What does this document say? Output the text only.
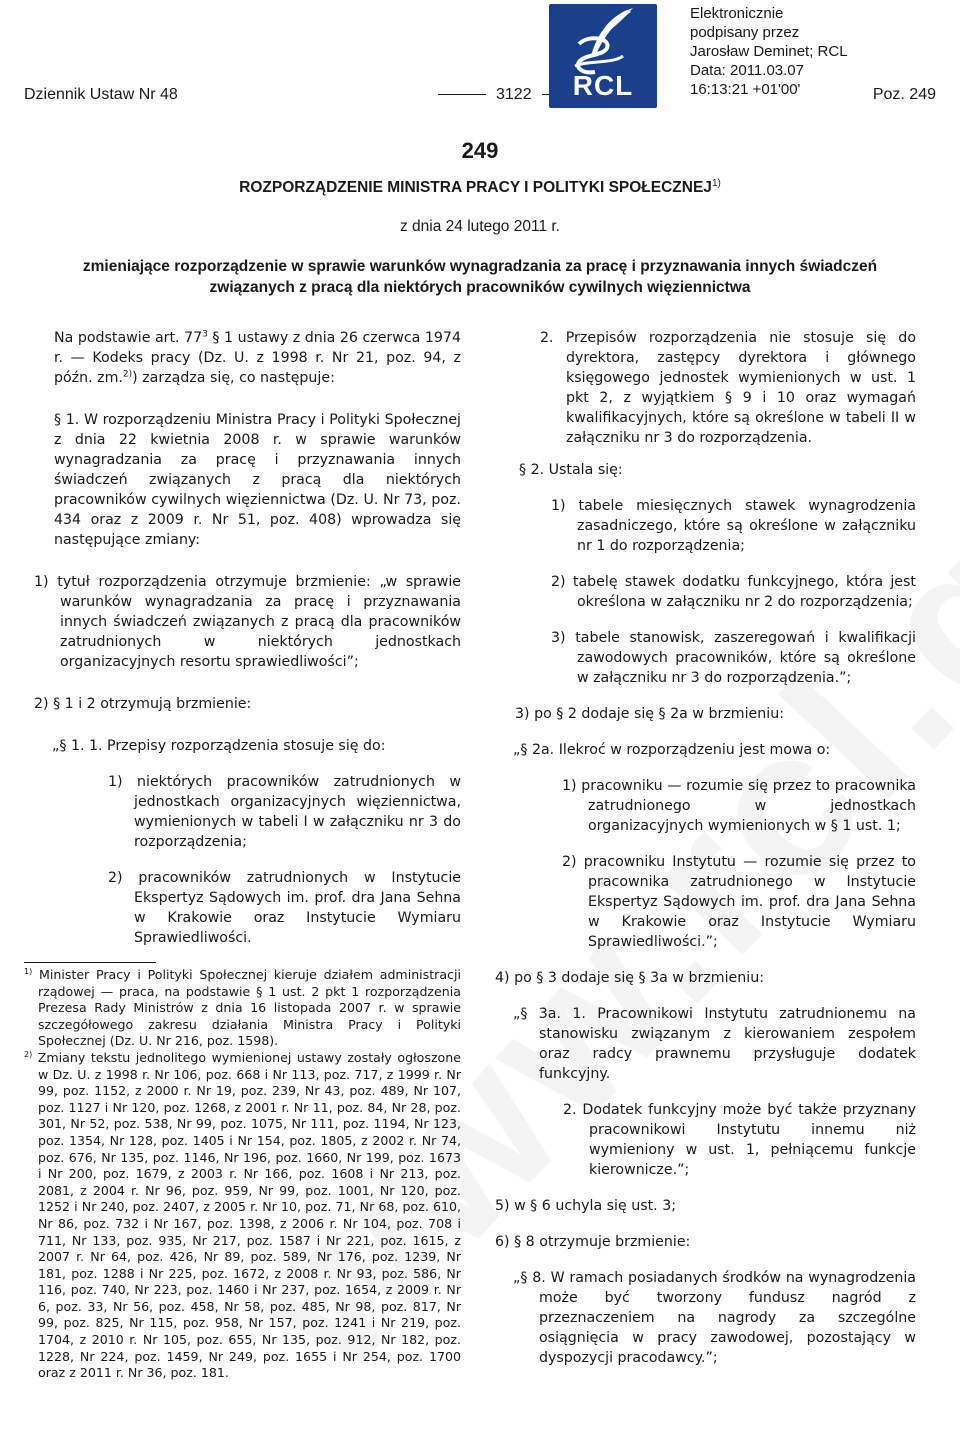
Dziennik Ustaw Nr 48	3122	Poz. 249
RCL
Elektronicznie
podpisany przez
Jarosław Deminet; RCL
Data: 2011.03.07
16:13:21 +01'00'
249
ROZPORZĄDZENIE MINISTRA PRACY I POLITYKI SPOŁECZNEJ$^{1)}$
z dnia 24 lutego 2011 r.
zmieniające rozporządzenie w sprawie warunków wynagradzania za pracę i przyznawania innych świadczeń związanych z pracą dla niektórych pracowników cywilnych więziennictwa

Na podstawie art. $77^3$ § 1 ustawy z dnia 26 czerwca 1974 r. — Kodeks pracy (Dz. U. z 1998 r. Nr 21, poz. 94, z późn. zm.$^{2)}$) zarządza się, co następuje:

§ 1. W rozporządzeniu Ministra Pracy i Polityki Społecznej z dnia 22 kwietnia 2008 r. w sprawie warunków wynagradzania za pracę i przyznawania innych świadczeń związanych z pracą dla niektórych pracowników cywilnych więziennictwa (Dz. U. Nr 73, poz. 434 oraz z 2009 r. Nr 51, poz. 408) wprowadza się następujące zmiany:

1) tytuł rozporządzenia otrzymuje brzmienie: „w sprawie warunków wynagradzania za pracę i przyznawania innych świadczeń związanych z pracą dla pracowników zatrudnionych w niektórych jednostkach organizacyjnych resortu sprawiedliwości”;

2) § 1 i 2 otrzymują brzmienie:

„§ 1. 1. Przepisy rozporządzenia stosuje się do:

1) niektórych pracowników zatrudnionych w jednostkach organizacyjnych więziennictwa, wymienionych w tabeli I w załączniku nr 3 do rozporządzenia;

2) pracowników zatrudnionych w Instytucie Ekspertyz Sądowych im. prof. dra Jana Sehna w Krakowie oraz Instytucie Wymiaru Sprawiedliwości.

$^{1)}$ Minister Pracy i Polityki Społecznej kieruje działem administracji rządowej — praca, na podstawie § 1 ust. 2 pkt 1 rozporządzenia Prezesa Rady Ministrów z dnia 16 listopada 2007 r. w sprawie szczegółowego zakresu działania Ministra Pracy i Polityki Społecznej (Dz. U. Nr 216, poz. 1598).

$^{2)}$ Zmiany tekstu jednolitego wymienionej ustawy zostały ogłoszone w Dz. U. z 1998 r. Nr 106, poz. 668 i Nr 113, poz. 717, z 1999 r. Nr 99, poz. 1152, z 2000 r. Nr 19, poz. 239, Nr 43, poz. 489, Nr 107, poz. 1127 i Nr 120, poz. 1268, z 2001 r. Nr 11, poz. 84, Nr 28, poz. 301, Nr 52, poz. 538, Nr 99, poz. 1075, Nr 111, poz. 1194, Nr 123, poz. 1354, Nr 128, poz. 1405 i Nr 154, poz. 1805, z 2002 r. Nr 74, poz. 676, Nr 135, poz. 1146, Nr 196, poz. 1660, Nr 199, poz. 1673 i Nr 200, poz. 1679, z 2003 r. Nr 166, poz. 1608 i Nr 213, poz. 2081, z 2004 r. Nr 96, poz. 959, Nr 99, poz. 1001, Nr 120, poz. 1252 i Nr 240, poz. 2407, z 2005 r. Nr 10, poz. 71, Nr 68, poz. 610, Nr 86, poz. 732 i Nr 167, poz. 1398, z 2006 r. Nr 104, poz. 708 i 711, Nr 133, poz. 935, Nr 217, poz. 1587 i Nr 221, poz. 1615, z 2007 r. Nr 64, poz. 426, Nr 89, poz. 589, Nr 176, poz. 1239, Nr 181, poz. 1288 i Nr 225, poz. 1672, z 2008 r. Nr 93, poz. 586, Nr 116, poz. 740, Nr 223, poz. 1460 i Nr 237, poz. 1654, z 2009 r. Nr 6, poz. 33, Nr 56, poz. 458, Nr 58, poz. 485, Nr 98, poz. 817, Nr 99, poz. 825, Nr 115, poz. 958, Nr 157, poz. 1241 i Nr 219, poz. 1704, z 2010 r. Nr 105, poz. 655, Nr 135, poz. 912, Nr 182, poz. 1228, Nr 224, poz. 1459, Nr 249, poz. 1655 i Nr 254, poz. 1700 oraz z 2011 r. Nr 36, poz. 181.

2. Przepisów rozporządzenia nie stosuje się do dyrektora, zastępcy dyrektora i głównego księgowego jednostek wymienionych w ust. 1 pkt 2, z wyjątkiem § 9 i 10 oraz wymagań kwalifikacyjnych, które są określone w tabeli II w załączniku nr 3 do rozporządzenia.

§ 2. Ustala się:

1) tabele miesięcznych stawek wynagrodzenia zasadniczego, które są określone w załączniku nr 1 do rozporządzenia;

2) tabelę stawek dodatku funkcyjnego, która jest określona w załączniku nr 2 do rozporządzenia;

3) tabele stanowisk, zaszeregowań i kwalifikacji zawodowych pracowników, które są określone w załączniku nr 3 do rozporządzenia.”;

3) po § 2 dodaje się § 2a w brzmieniu:

„§ 2a. Ilekroć w rozporządzeniu jest mowa o:

1) pracowniku — rozumie się przez to pracownika zatrudnionego w jednostkach organizacyjnych wymienionych w § 1 ust. 1;

2) pracowniku Instytutu — rozumie się przez to pracownika zatrudnionego w Instytucie Ekspertyz Sądowych im. prof. dra Jana Sehna w Krakowie oraz Instytucie Wymiaru Sprawiedliwości.”;

4) po § 3 dodaje się § 3a w brzmieniu:

„§ 3a. 1. Pracownikowi Instytutu zatrudnionemu na stanowisku związanym z kierowaniem zespołem oraz radcy prawnemu przysługuje dodatek funkcyjny.

2. Dodatek funkcyjny może być także przyznany pracownikowi Instytutu innemu niż wymieniony w ust. 1, pełniącemu funkcje kierownicze.”;

5) w § 6 uchyla się ust. 3;

6) § 8 otrzymuje brzmienie:

„§ 8. W ramach posiadanych środków na wynagrodzenia może być tworzony fundusz nagród z przeznaczeniem na nagrody za szczególne osiągnięcia w pracy zawodowej, pozostający w dyspozycji pracodawcy.”;
